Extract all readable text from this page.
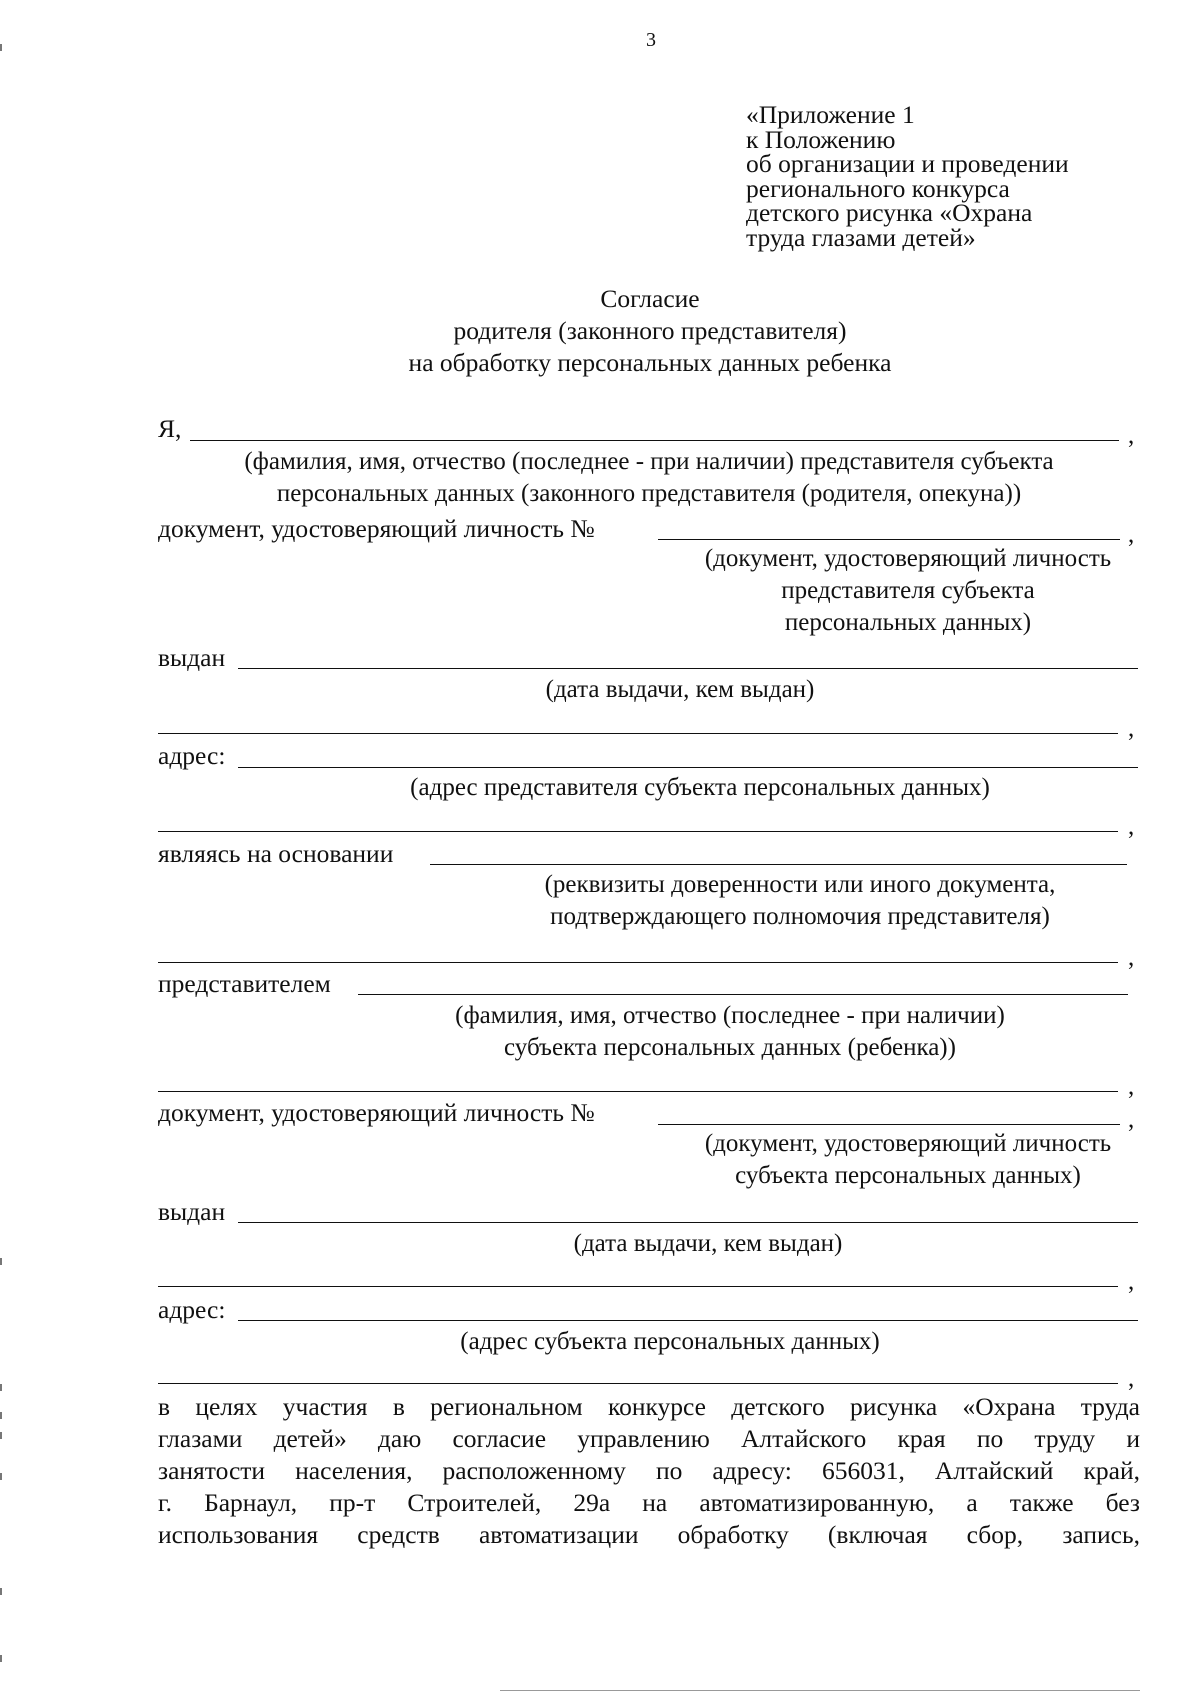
3
«Приложение 1
к Положению
об организации и проведении
регионального конкурса
детского рисунка «Охрана
труда глазами детей»
Согласие
родителя (законного представителя)
на обработку персональных данных ребенка
Я,	,
(фамилия, имя, отчество (последнее - при наличии) представителя субъекта
персональных данных (законного представителя (родителя, опекуна))
документ, удостоверяющий личность №	,
(документ, удостоверяющий личность
представителя субъекта
персональных данных)
выдан
(дата выдачи, кем выдан)
,
адрес:
(адрес представителя субъекта персональных данных)
,
являясь на основании
(реквизиты доверенности или иного документа,
подтверждающего полномочия представителя)
,
представителем
(фамилия, имя, отчество (последнее - при наличии)
субъекта персональных данных (ребенка))
,
документ, удостоверяющий личность №	,
(документ, удостоверяющий личность
субъекта персональных данных)
выдан
(дата выдачи, кем выдан)
,
адрес:
(адрес субъекта персональных данных)
,
в целях участия в региональном конкурсе детского рисунка «Охрана труда
глазами детей» даю согласие управлению Алтайского края по труду и
занятости населения, расположенному по адресу: 656031, Алтайский край,
г. Барнаул, пр-т Строителей, 29а на автоматизированную, а также без
использования средств автоматизации обработку (включая сбор, запись,
